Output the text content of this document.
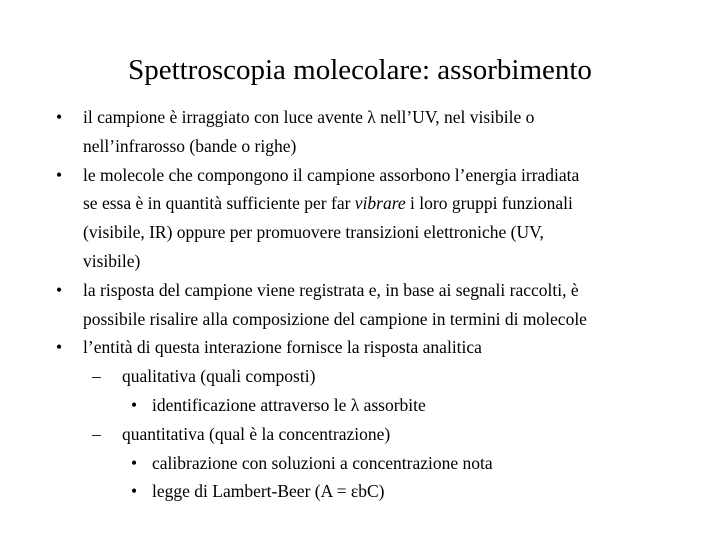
Spettroscopia molecolare: assorbimento
•	il campione è irraggiato con luce avente λ nell’UV, nel visibile o
nell’infrarosso (bande o righe)
•	le molecole che compongono il campione assorbono l’energia irradiata
se essa è in quantità sufficiente per far vibrare i loro gruppi funzionali
(visibile, IR) oppure per promuovere transizioni elettroniche (UV,
visibile)
•	la risposta del campione viene registrata e, in base ai segnali raccolti, è
possibile risalire alla composizione del campione in termini di molecole
•	l’entità di questa interazione fornisce la risposta analitica
– qualitativa (quali composti)
• identificazione attraverso le λ assorbite
– quantitativa (qual è la concentrazione)
• calibrazione con soluzioni a concentrazione nota
• legge di Lambert-Beer (A = εbC)
